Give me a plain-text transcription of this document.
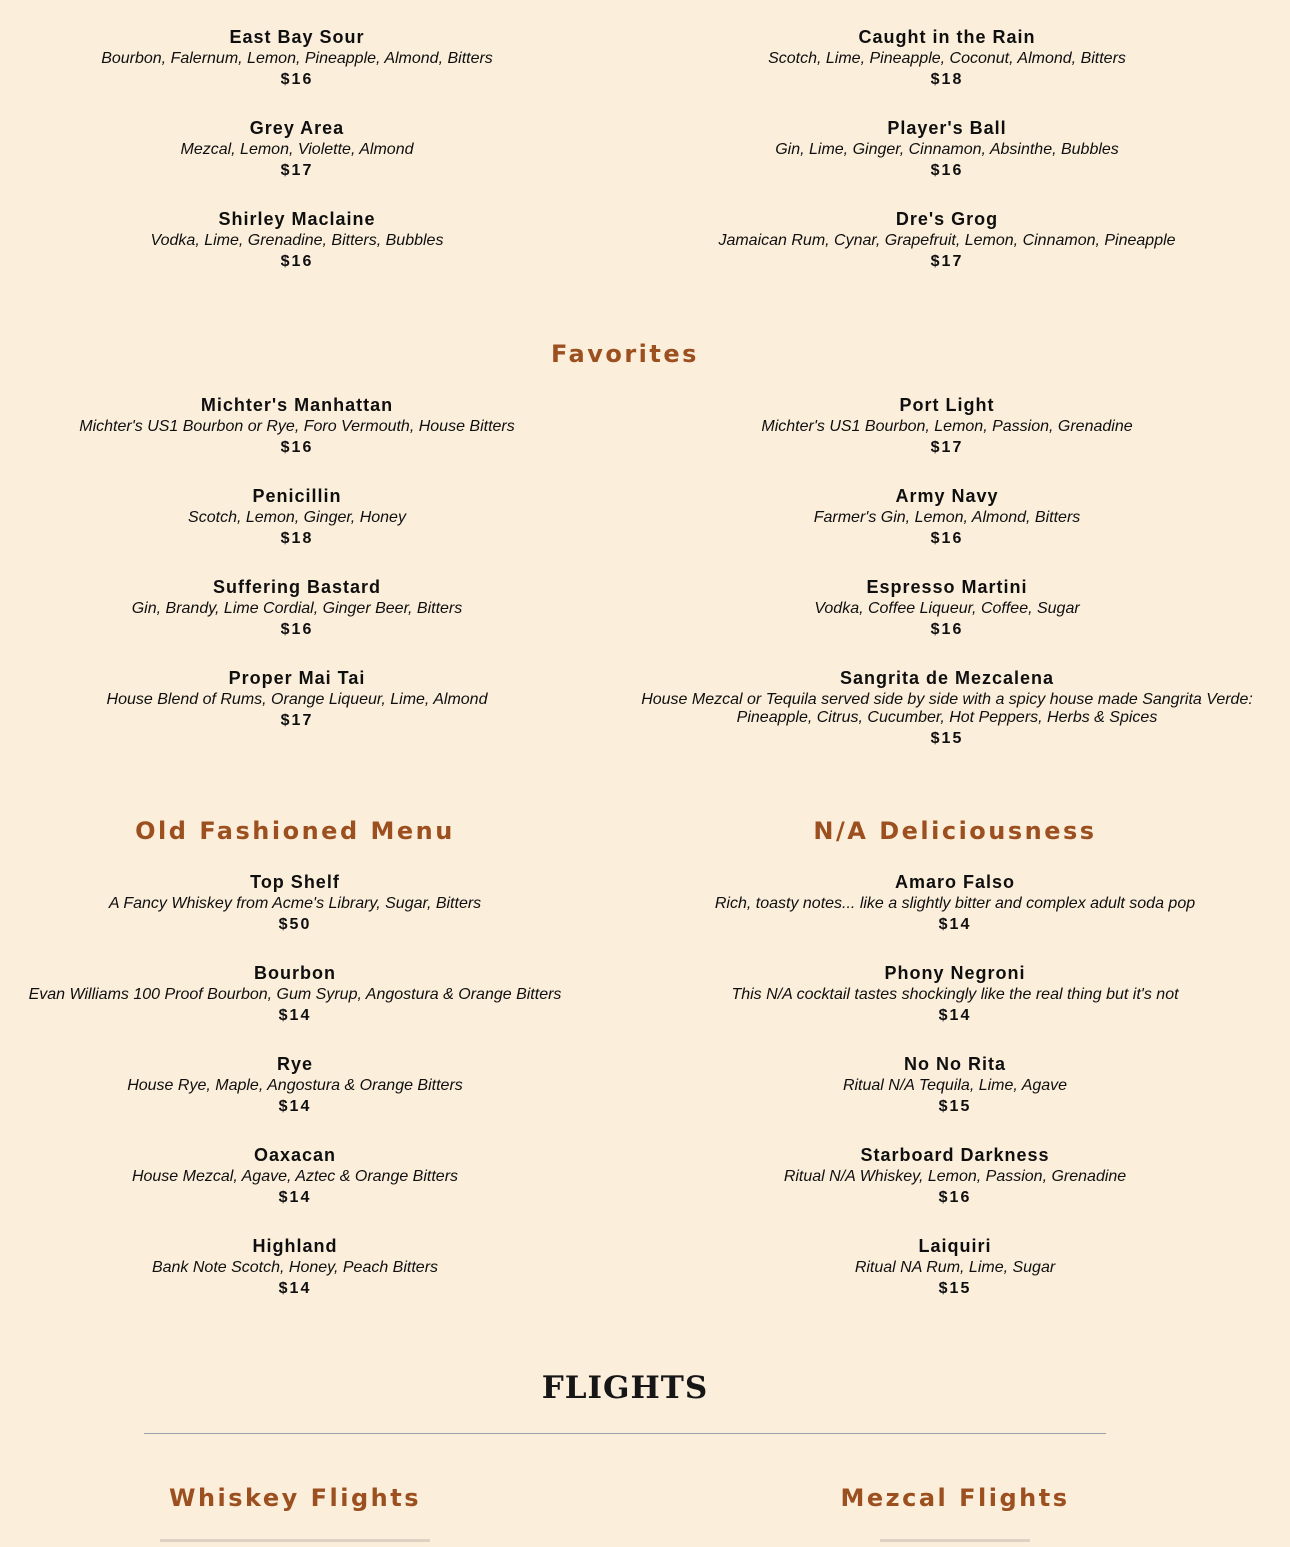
East Bay Sour
Bourbon, Falernum, Lemon, Pineapple, Almond, Bitters
$16
Grey Area
Mezcal, Lemon, Violette, Almond
$17
Shirley Maclaine
Vodka, Lime, Grenadine, Bitters, Bubbles
$16
Caught in the Rain
Scotch, Lime, Pineapple, Coconut, Almond, Bitters
$18
Player's Ball
Gin, Lime, Ginger, Cinnamon, Absinthe, Bubbles
$16
Dre's Grog
Jamaican Rum, Cynar, Grapefruit, Lemon, Cinnamon, Pineapple
$17
Favorites
Michter's Manhattan
Michter's US1 Bourbon or Rye, Foro Vermouth, House Bitters
$16
Penicillin
Scotch, Lemon, Ginger, Honey
$18
Suffering Bastard
Gin, Brandy, Lime Cordial, Ginger Beer, Bitters
$16
Proper Mai Tai
House Blend of Rums, Orange Liqueur, Lime, Almond
$17
Port Light
Michter's US1 Bourbon, Lemon, Passion, Grenadine
$17
Army Navy
Farmer's Gin, Lemon, Almond, Bitters
$16
Espresso Martini
Vodka, Coffee Liqueur, Coffee, Sugar
$16
Sangrita de Mezcalena
House Mezcal or Tequila served side by side with a spicy house made Sangrita Verde: Pineapple, Citrus, Cucumber, Hot Peppers, Herbs & Spices
$15
Old Fashioned Menu	N/A Deliciousness
Top Shelf
A Fancy Whiskey from Acme's Library, Sugar, Bitters
$50
Bourbon
Evan Williams 100 Proof Bourbon, Gum Syrup, Angostura & Orange Bitters
$14
Rye
House Rye, Maple, Angostura & Orange Bitters
$14
Oaxacan
House Mezcal, Agave, Aztec & Orange Bitters
$14
Highland
Bank Note Scotch, Honey, Peach Bitters
$14
Amaro Falso
Rich, toasty notes... like a slightly bitter and complex adult soda pop
$14
Phony Negroni
This N/A cocktail tastes shockingly like the real thing but it's not
$14
No No Rita
Ritual N/A Tequila, Lime, Agave
$15
Starboard Darkness
Ritual N/A Whiskey, Lemon, Passion, Grenadine
$16
Laiquiri
Ritual NA Rum, Lime, Sugar
$15
FLIGHTS
Whiskey Flights	Mezcal Flights
